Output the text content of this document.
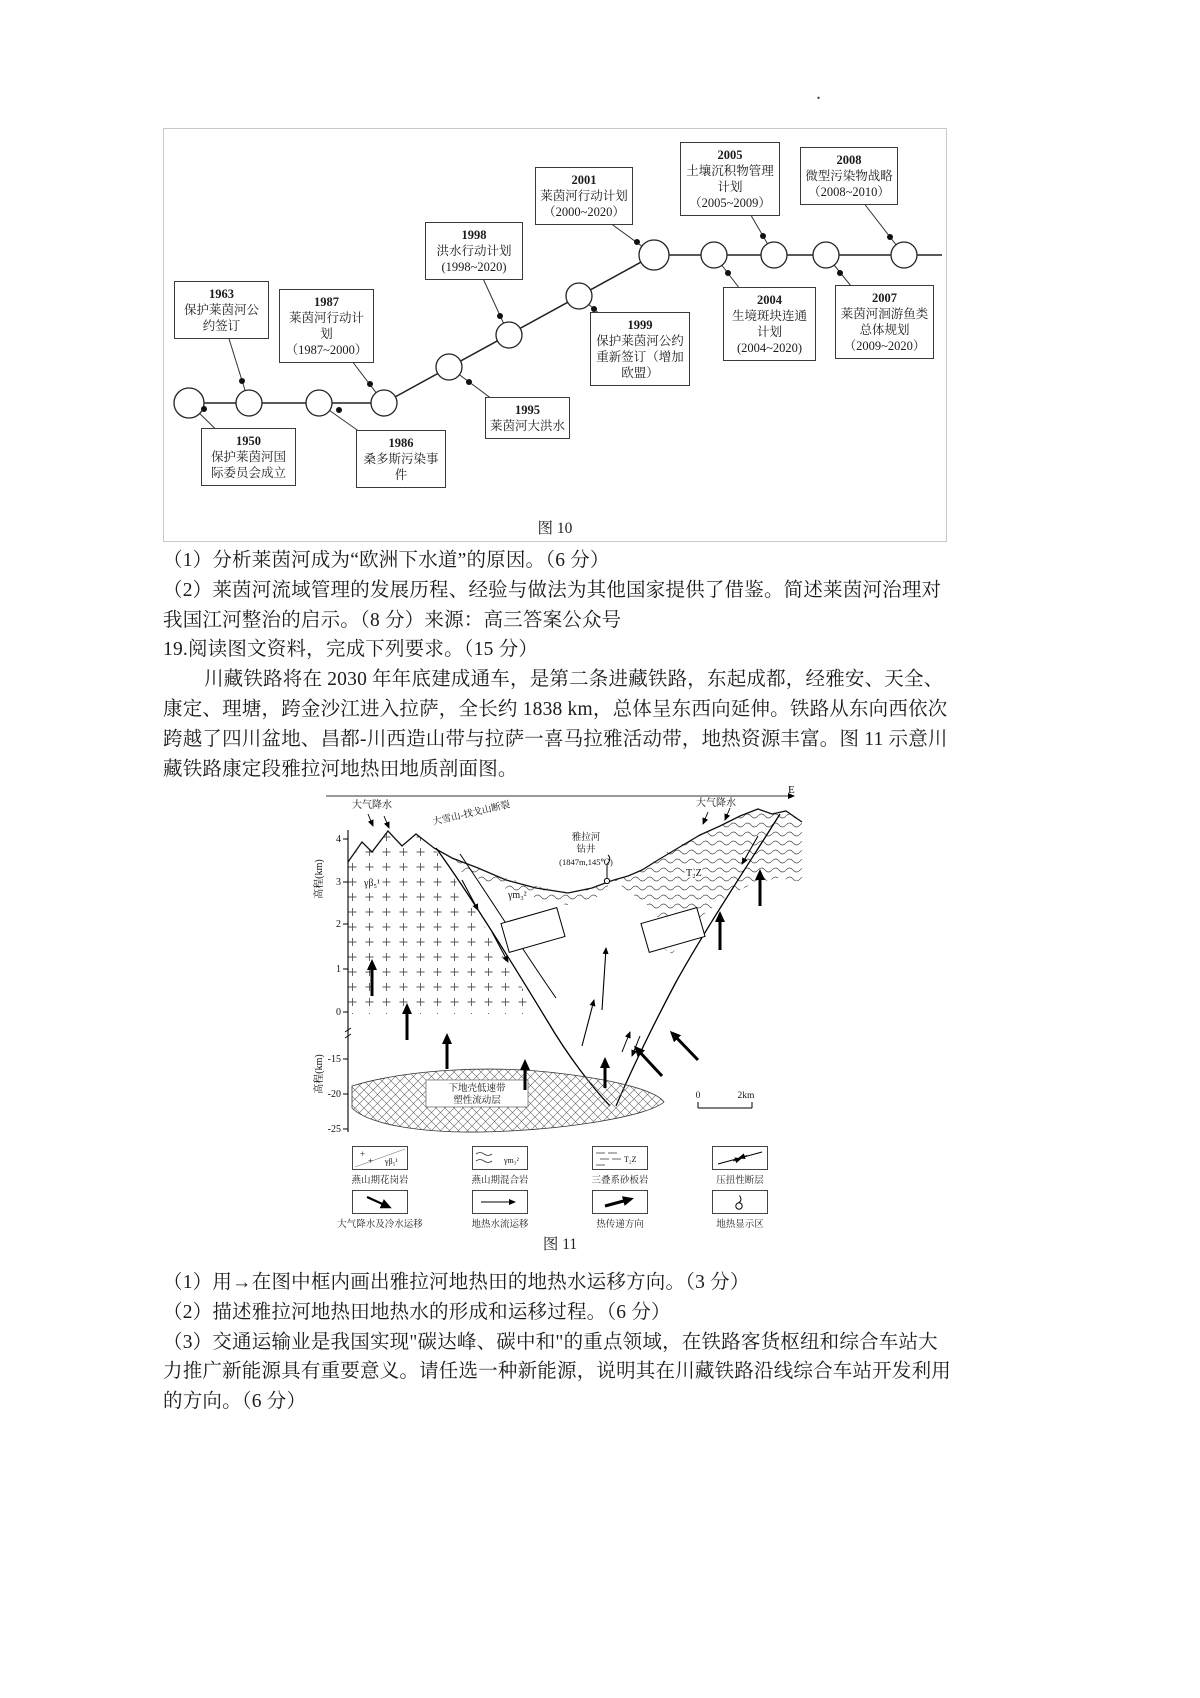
.
1950
保护莱茵河国际委员会成立
1963
保护莱茵河公约签订
1986
桑多斯污染事件
1987
莱茵河行动计划（1987~2000）
1995
莱茵河大洪水
1998
洪水行动计划(1998~2020)
1999
保护莱茵河公约重新签订（增加欧盟）
2001
莱茵河行动计划（2000~2020）
2004
生境斑块连通计划(2004~2020)
2005
土壤沉积物管理计划（2005~2009）
2007
莱茵河洄游鱼类总体规划（2009~2020）
2008
微型污染物战略（2008~2010）
图 10
（1）分析莱茵河成为“欧洲下水道”的原因。（6 分）
（2）莱茵河流域管理的发展历程、经验与做法为其他国家提供了借鉴。简述莱茵河治理对
我国江河整治的启示。（8 分）来源：高三答案公众号
19.阅读图文资料，完成下列要求。（15 分）
川藏铁路将在 2030 年年底建成通车，是第二条进藏铁路，东起成都，经雅安、天全、
康定、理塘，跨金沙江进入拉萨，全长约 1838 km，总体呈东西向延伸。铁路从东向西依次
跨越了四川盆地、昌都-川西造山带与拉萨一喜马拉雅活动带，地热资源丰富。图 11 示意川
藏铁路康定段雅拉河地热田地质剖面图。
E
下地壳低速带
塑性流动层
大气降水	大气降水
大雪山-找戈山断裂
雅拉河
钻井
(1847m,145℃)
γβ₅¹
γm₃²
T₂Z
0	2km
4
3
2
1
0
-15
-20
-25
高程(km)
高程(km)
+
+ γβ₅¹
燕山期花岗岩
γm₃²
燕山期混合岩
T₂Z
三叠系砂板岩	压扭性断层
大气降水及冷水运移	地热水流运移	热传递方向	地热显示区
图 11
（1）用→在图中框内画出雅拉河地热田的地热水运移方向。（3 分）
（2）描述雅拉河地热田地热水的形成和运移过程。（6 分）
（3）交通运输业是我国实现"碳达峰、碳中和"的重点领域，在铁路客货枢纽和综合车站大
力推广新能源具有重要意义。请任选一种新能源，说明其在川藏铁路沿线综合车站开发利用
的方向。（6 分）
